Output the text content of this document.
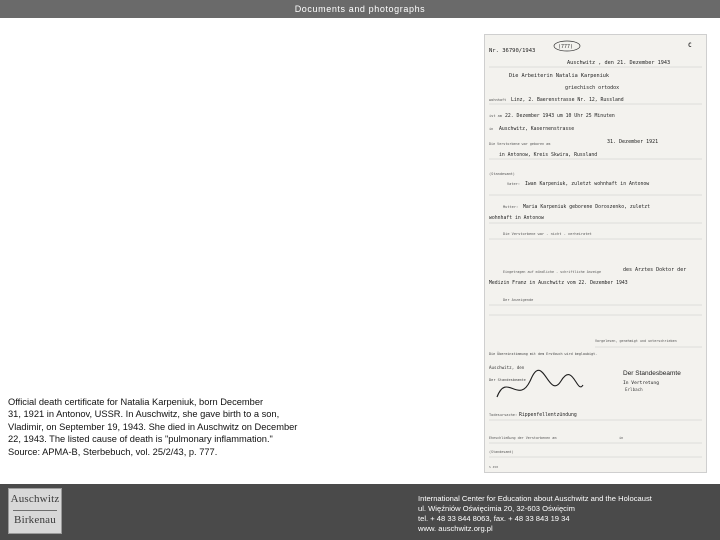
Documents and photographs
Official death certificate for Natalia Karpeniuk, born December
31, 1921 in Antonov, USSR. In Auschwitz, she gave birth to a son,
Vladimir, on September 19, 1943. She died in Auschwitz on December
22, 1943. The listed cause of death is "pulmonary inflammation."
Source: APMA-B, Sterbebuch, vol. 25/2/43, p. 777.
Nr. 36790/1943
(777)	C
Auschwitz , den 21. Dezember 1943
Die Arbeiterin Natalia Karpeniuk
griechisch ortodox
wohnhaft Linz, 2. Baerenstrasse Nr. 12, Russland
ist am 22. Dezember 1943 um 10 Uhr 25 Minuten
in Auschwitz, Kasernenstrasse
Die Verstorbene war geboren am	31. Dezember 1921
in Antonow, Kreis Skwira, Russland
(Standesamt)
Vater: Iwan Karpeniuk, zuletzt wohnhaft in Antonow
Mutter: Maria Karpeniuk geborene Doroszenko, zuletzt
wohnhaft in Antonow
Die Verstorbene war - nicht - verheiratet
Eingetragen auf mündliche - schriftliche Anzeige	des Arztes Doktor der
Medizin Franz in Auschwitz vom 22. Dezember 1943
Der Anzeigende
Vorgelesen, genehmigt und unterschrieben
Die Übereinstimmung mit dem Erstbuch wird beglaubigt.
Auschwitz, den
Der Standesbeamte
Der Standesbeamte
In Vertretung
Erlbach
Todesursache: Rippenfellentzündung
Eheschließung der Verstorbenen am	in
(Standesamt)
S 458
Auschwitz
Birkenau
International Center for Education about Auschwitz and the Holocaust
ul. Więźniów Oświęcimia 20, 32-603 Oświęcim
tel. + 48 33 844 8063, fax. + 48 33 843 19 34
www. auschwitz.org.pl
